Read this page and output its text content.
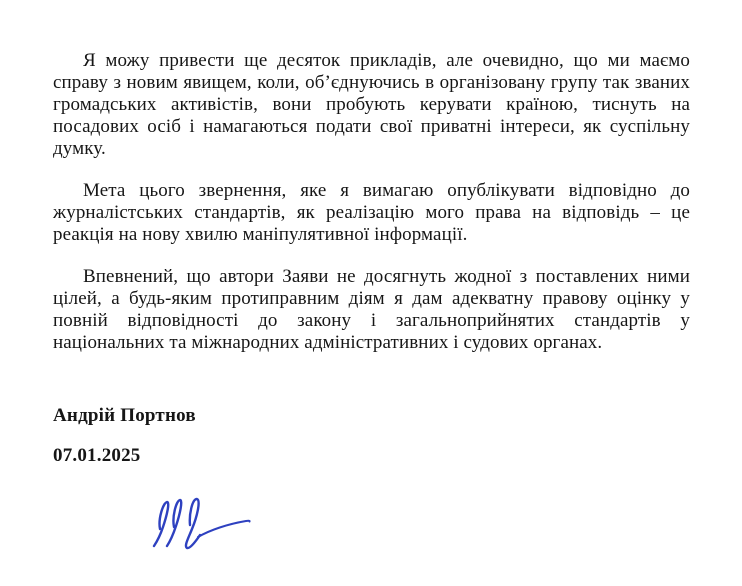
Я можу привести ще десяток прикладів, але очевидно, що ми маємо справу з новим явищем, коли, об’єднуючись в організовану групу так званих громадських активістів, вони пробують керувати країною, тиснуть на посадових осіб і намагаються подати свої приватні інтереси, як суспільну думку.

Мета цього звернення, яке я вимагаю опублікувати відповідно до журналістських стандартів, як реалізацію мого права на відповідь – це реакція на нову хвилю маніпулятивної інформації.

Впевнений, що автори Заяви не досягнуть жодної з поставлених ними цілей, а будь-яким протиправним діям я дам адекватну правову оцінку у повній відповідності до закону і загальноприйнятих стандартів у національних та міжнародних адміністративних і судових органах.

Андрій Портнов
07.01.2025
